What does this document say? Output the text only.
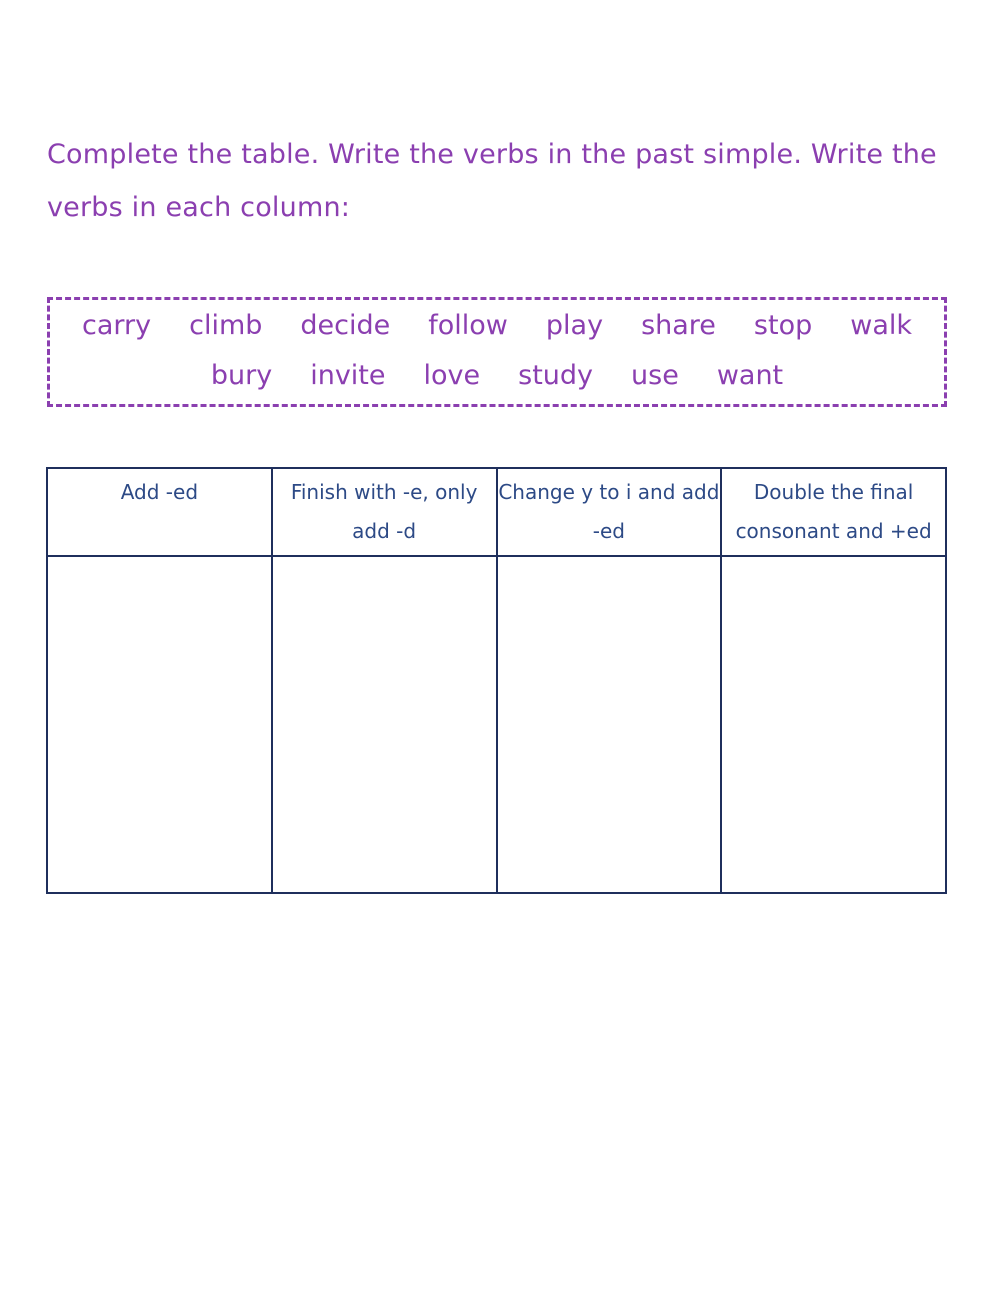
Complete the table. Write the verbs in the past simple. Write the verbs in each column:

carry climb decide follow play share stop walk
bury invite love study use want
Add -ed	Finish with -e, only add -d	Change y to i and add -ed	Double the final consonant and +ed
